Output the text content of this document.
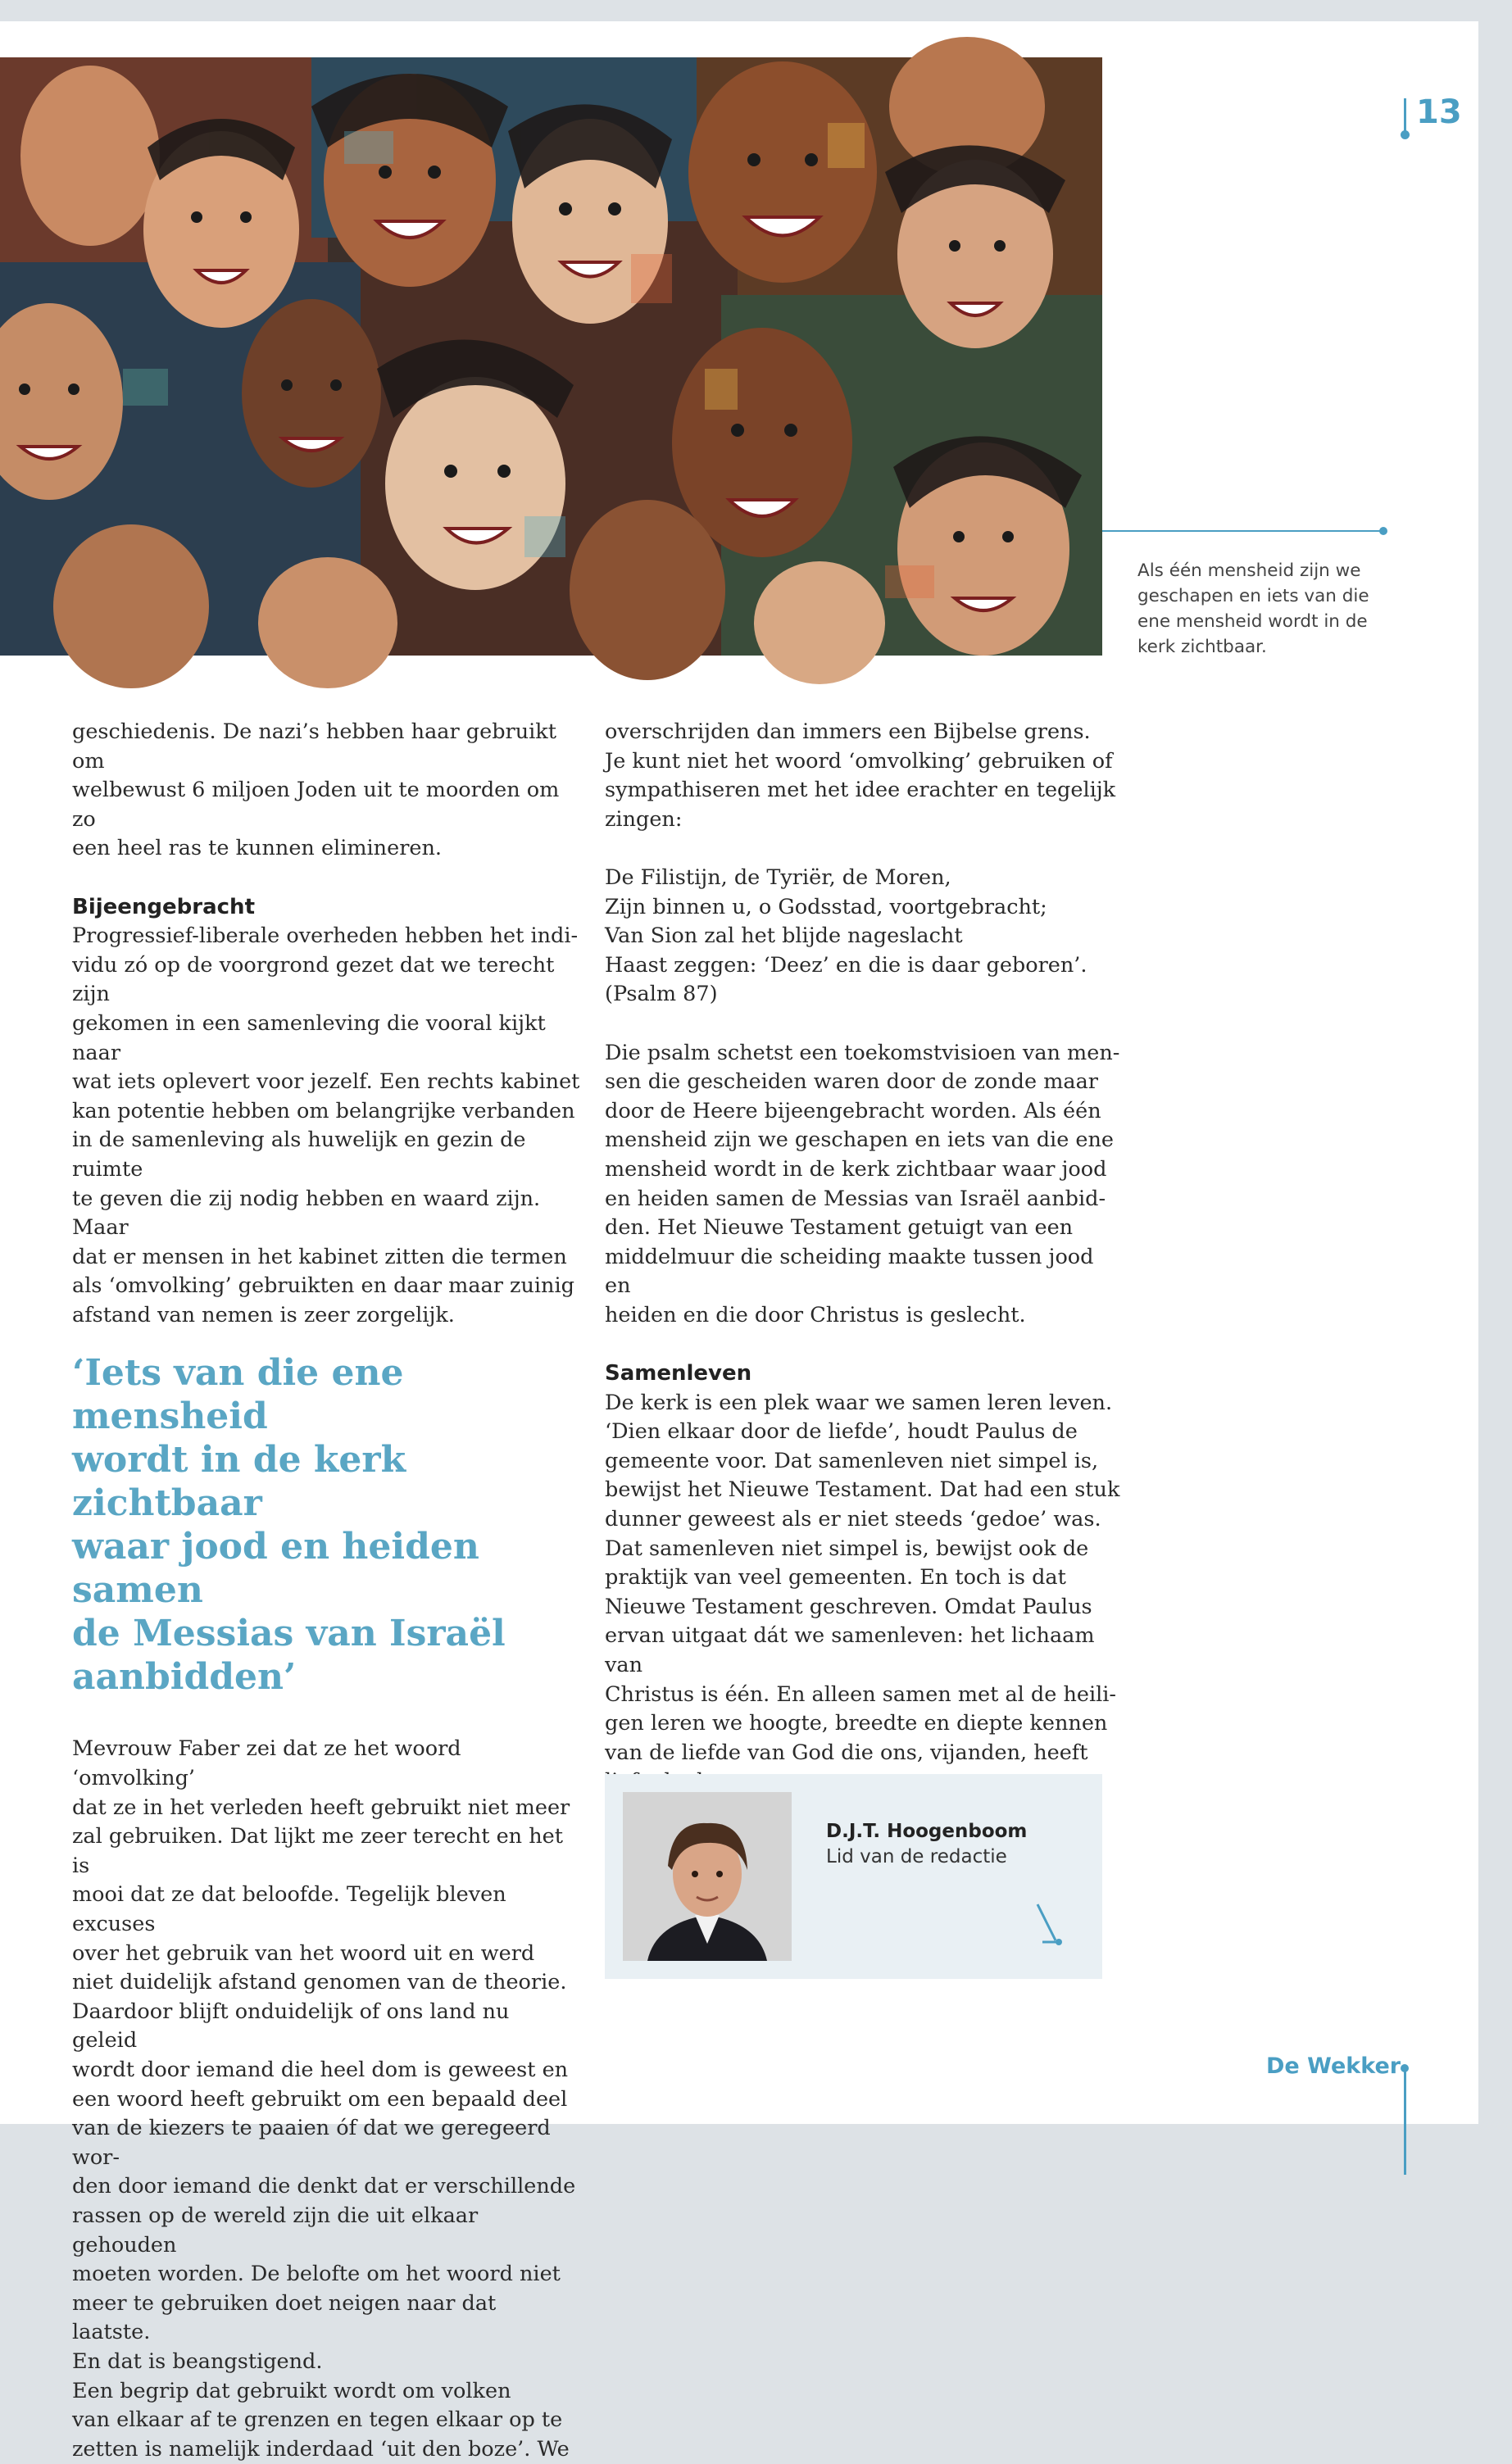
13
Als één mensheid zijn we geschapen en iets van die ene mensheid wordt in de kerk zichtbaar.

geschiedenis. De nazi’s hebben haar gebruikt om
welbewust 6 miljoen Joden uit te moorden om zo
een heel ras te kunnen elimineren.

Bijeengebracht

Progressief-liberale overheden hebben het indi-
vidu zó op de voorgrond gezet dat we terecht zijn
gekomen in een samenleving die vooral kijkt naar
wat iets oplevert voor jezelf. Een rechts kabinet
kan potentie hebben om belangrijke verbanden
in de samenleving als huwelijk en gezin de ruimte
te geven die zij nodig hebben en waard zijn. Maar
dat er mensen in het kabinet zitten die termen
als ‘omvolking’ gebruikten en daar maar zuinig
afstand van nemen is zeer zorgelijk.

‘Iets van die ene mensheid
wordt in de kerk zichtbaar
waar jood en heiden samen
de Messias van Israël
aanbidden’

Mevrouw Faber zei dat ze het woord ‘omvolking’
dat ze in het verleden heeft gebruikt niet meer
zal gebruiken. Dat lijkt me zeer terecht en het is
mooi dat ze dat beloofde. Tegelijk bleven excuses
over het gebruik van het woord uit en werd
niet duidelijk afstand genomen van de theorie.
Daardoor blijft onduidelijk of ons land nu geleid
wordt door iemand die heel dom is geweest en
een woord heeft gebruikt om een bepaald deel
van de kiezers te paaien óf dat we geregeerd wor-
den door iemand die denkt dat er verschillende
rassen op de wereld zijn die uit elkaar gehouden
moeten worden. De belofte om het woord niet
meer te gebruiken doet neigen naar dat laatste.
En dat is beangstigend.
Een begrip dat gebruikt wordt om volken
van elkaar af te grenzen en tegen elkaar op te
zetten is namelijk inderdaad ‘uit den boze’. We

overschrijden dan immers een Bijbelse grens.
Je kunt niet het woord ‘omvolking’ gebruiken of
sympathiseren met het idee erachter en tegelijk
zingen:

De Filistijn, de Tyriër, de Moren,
Zijn binnen u, o Godsstad, voortgebracht;
Van Sion zal het blijde nageslacht
Haast zeggen: ‘Deez’ en die is daar geboren’.
(Psalm 87)

Die psalm schetst een toekomstvisioen van men-
sen die gescheiden waren door de zonde maar
door de Heere bijeengebracht worden. Als één
mensheid zijn we geschapen en iets van die ene
mensheid wordt in de kerk zichtbaar waar jood
en heiden samen de Messias van Israël aanbid-
den. Het Nieuwe Testament getuigt van een
middelmuur die scheiding maakte tussen jood en
heiden en die door Christus is geslecht.

Samenleven

De kerk is een plek waar we samen leren leven.
‘Dien elkaar door de liefde’, houdt Paulus de
gemeente voor. Dat samenleven niet simpel is,
bewijst het Nieuwe Testament. Dat had een stuk
dunner geweest als er niet steeds ‘gedoe’ was.
Dat samenleven niet simpel is, bewijst ook de
praktijk van veel gemeenten. En toch is dat
Nieuwe Testament geschreven. Omdat Paulus
ervan uitgaat dát we samenleven: het lichaam van
Christus is één. En alleen samen met al de heili-
gen leren we hoogte, breedte en diepte kennen
van de liefde van God die ons, vijanden, heeft

D.J.T. Hoogenboom
Lid van de redactie
De Wekker
